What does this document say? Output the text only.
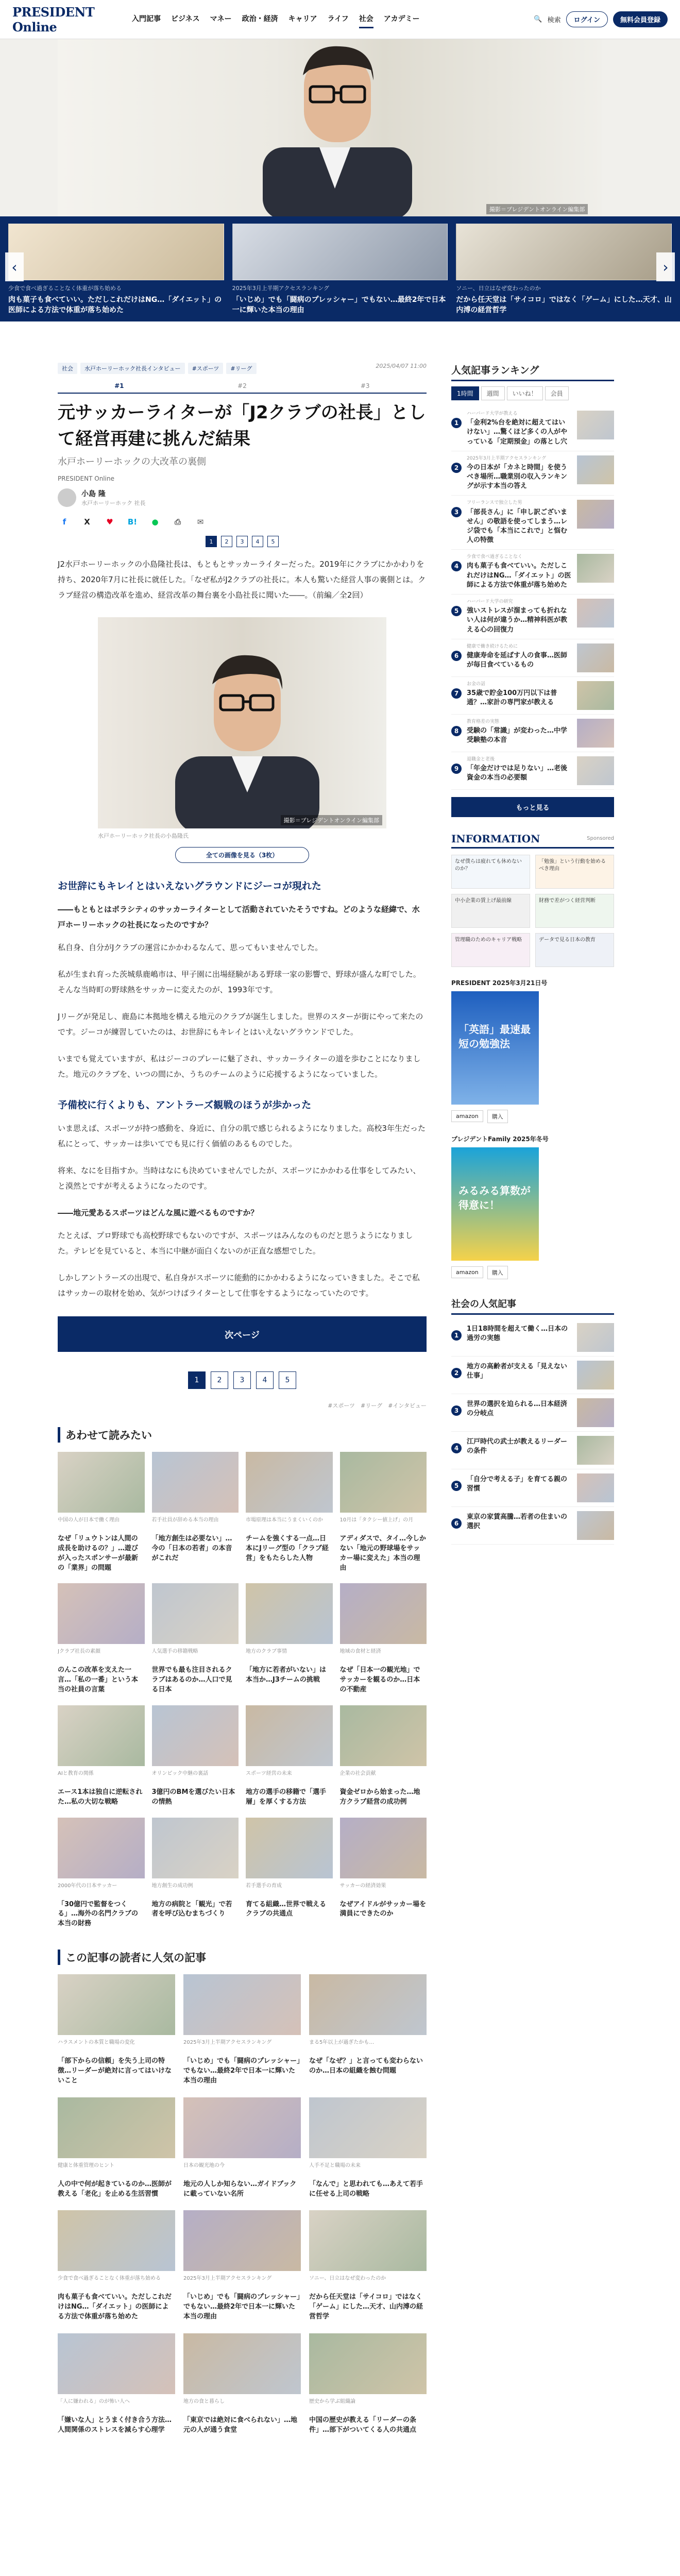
PRESIDENT Online
入門記事 ビジネス マネー 政治・経済 キャリア ライフ 社会 アカデミー	🔍 検索	ログイン	無料会員登録
撮影＝プレジデントオンライン編集部
‹
少食で食べ過ぎることなく体重が落ち始める
肉も菓子も食べていい。ただしこれだけはNG…「ダイエット」の医師による方法で体重が落ち始めた
2025年3月上半期アクセスランキング
「いじめ」でも「闘病のプレッシャー」でもない…最終2年で日本一に輝いた本当の理由
ソニー、日立はなぜ変わったのか
だから任天堂は「サイコロ」ではなく「ゲーム」にした…天才、山内溥の経営哲学
›
社会	水戸ホーリーホック社長インタビュー	#スポーツ	#リーグ	2025/04/07 11:00
#1	#2	#3
元サッカーライターが「J2クラブの社長」として経営再建に挑んだ結果
水戸ホーリーホックの大改革の裏側
PRESIDENT Online
小島 隆
水戸ホーリーホック 社長
f	X	♥	B!	●	⎙	✉
1	2	3	4	5

J2水戸ホーリーホックの小島隆社長は、もともとサッカーライターだった。2019年にクラブにかかわりを持ち、2020年7月に社長に就任した。「なぜ私がJ2クラブの社長に。本人も驚いた経営人事の裏側とは。クラブ経営の構造改革を進め、経営改革の舞台裏を小島社長に聞いた――。（前編／全2回）

撮影＝プレジデントオンライン編集部
水戸ホーリーホック社長の小島隆氏
全ての画像を見る（3枚）
お世辞にもキレイとはいえないグラウンドにジーコが現れた

――もともとはポラシティのサッカーライターとして活動されていたそうですね。どのような経緯で、水戸ホーリーホックの社長になったのですか？

私自身、自分がJクラブの運営にかかわるなんて、思ってもいませんでした。

私が生まれ育った茨城県鹿嶋市は、甲子園に出場経験がある野球一家の影響で、野球が盛んな町でした。そんな当時町の野球熱をサッカーに変えたのが、1993年です。

Jリーグが発足し、鹿島に本拠地を構える地元のクラブが誕生しました。世界のスターが街にやって来たのです。ジーコが練習していたのは、お世辞にもキレイとはいえないグラウンドでした。

いまでも覚えていますが、私はジーコのプレーに魅了され、サッカーライターの道を歩むことになりました。地元のクラブを、いつの間にか、うちのチームのように応援するようになっていました。

予備校に行くよりも、アントラーズ観戦のほうが歩かった

いま思えば、スポーツが持つ感動を、身近に、自分の肌で感じられるようになりました。高校3年生だった私にとって、サッカーは歩いてでも見に行く価値のあるものでした。

将来、なにを目指すか。当時はなにも決めていませんでしたが、スポーツにかかわる仕事をしてみたい、と漠然とですが考えるようになったのです。

――地元愛あるスポーツはどんな風に遊べるものですか？

たとえば、プロ野球でも高校野球でもないのですが、スポーツはみんなのものだと思うようになりました。テレビを見ていると、本当に中継が面白くないのが正直な感想でした。

しかしアントラーズの出現で、私自身がスポーツに能動的にかかわるようになっていきました。そこで私はサッカーの取材を始め、気がつけばライターとして仕事をするようになっていたのです。

次ページ
1	2	3	4	5
#スポーツ　#リーグ　#インタビュー
あわせて読みたい
中国の人が日本で働く理由
なぜ「リュウトンは人間の成長を助けるの？」…遊びが入ったスポンサーが最新の「業界」の問題
若手社員が辞める本当の理由
「地方創生は必要ない」…今の「日本の若者」の本音がこれだ
市場原理は本当にうまくいくのか
チームを強くする一点…日本にJリーグ型の「クラブ経営」をもたらした人物
10月は「タクシー値上げ」の月
アディダスで、タイ…今しかない「地元の野球場をサッカー場に変えた」本当の理由
Jクラブ社長の素顔
のんこの改革を支えた一言…「私の一番」という本当の社員の言葉
人気選手の移籍戦略
世界でも最も注目されるクラブはあるのか…人口で見る日本
地方のクラブ事情
「地方に若者がいない」は本当か…J3チームの挑戦
地域の食材と経済
なぜ「日本一の観光地」でサッカーを観るのか…日本の不動産
AIと教育の関係
エース1本は独自に逆転された…私の大切な戦略
オリンピック中継の裏話
3億円のBMを選びたい日本の情熱
スポーツ経営の未来
地方の選手の移籍で「選手層」を厚くする方法
企業の社会貢献
資金ゼロから始まった…地方クラブ経営の成功例
2000年代の日本サッカー
「30億円で監督をつくる」…海外の名門クラブの本当の財務
地方創生の成功例
地方の病院と「観光」で若者を呼び込むまちづくり
若手選手の育成
育てる組織…世界で戦えるクラブの共通点
サッカーの経済効果
なぜアイドルがサッカー場を満員にできたのか
この記事の読者に人気の記事
ハラスメントの本質と職場の変化
「部下からの信頼」を失う上司の特徴…リーダーが絶対に言ってはいけないこと
2025年3月上半期アクセスランキング
「いじめ」でも「闘病のプレッシャー」でもない…最終2年で日本一に輝いた本当の理由
まる5年以上が過ぎたかも…
なぜ「なぜ？」と言っても変わらないのか…日本の組織を蝕む問題
健康と体重管理のヒント
人の中で何が起きているのか…医師が教える「老化」を止める生活習慣
日本の観光地の今
地元の人しか知らない…ガイドブックに載っていない名所
人手不足と職場の未来
「なんで」と思われても…あえて若手に任せる上司の戦略
少食で食べ過ぎることなく体重が落ち始める
肉も菓子も食べていい。ただしこれだけはNG…「ダイエット」の医師による方法で体重が落ち始めた
2025年3月上半期アクセスランキング
「いじめ」でも「闘病のプレッシャー」でもない…最終2年で日本一に輝いた本当の理由
ソニー、日立はなぜ変わったのか
だから任天堂は「サイコロ」ではなく「ゲーム」にした…天才、山内溥の経営哲学
「人に嫌われる」のが怖い人へ
「嫌いな人」とうまく付き合う方法…人間関係のストレスを減らす心理学
地方の食と暮らし
「東京では絶対に食べられない」…地元の人が通う食堂
歴史から学ぶ組織論
中国の歴史が教える「リーダーの条件」…部下がついてくる人の共通点
人気記事ランキング
1時間	週間	いいね！	会員
1
ハーバード大学が教える
「金利2%台を絶対に超えてはいけない」…驚くほど多くの人がやっている「定期預金」の落とし穴
2
2025年3月上半期アクセスランキング
今の日本が「カネと時間」を使うべき場所…職業別の収入ランキングが示す本当の答え
3
フリーランスで独立した男
「部長さん」に「申し訳ございません」の敬語を使ってしまう…レジ袋でも「本当にこれで」と悩む人の特徴
4
少食で食べ過ぎることなく
肉も菓子も食べていい。ただしこれだけはNG…「ダイエット」の医師による方法で体重が落ち始めた
5
ハーバード大学の研究
強いストレスが溜まっても折れない人は何が違うか…精神科医が教える心の回復力
6
健康で働き続けるために
健康寿命を延ばす人の食事…医師が毎日食べているもの
7
お金の話
35歳で貯金100万円以下は普通？…家計の専門家が教える
8
教育格差の実態
受験の「常識」が変わった…中学受験塾の本音
9
退職金と老後
「年金だけでは足りない」…老後資金の本当の必要額
もっと見る
INFORMATION	Sponsored
なぜ僕らは疲れても休めないのか？
「勉強」という行動を始めるべき理由
中小企業の賃上げ最前線	財務で差がつく経営判断
管理職のためのキャリア戦略	データで見る日本の教育
PRESIDENT 2025年3月21日号
「英語」最速最短の勉強法
amazon	購入
プレジデントFamily 2025年冬号
みるみる算数が得意に！
amazon	購入
社会の人気記事
1
1日18時間を超えて働く…日本の過労の実態
2
地方の高齢者が支える「見えない仕事」
3
世界の選択を迫られる…日本経済の分岐点
4
江戸時代の武士が教えるリーダーの条件
5
「自分で考える子」を育てる親の習慣
6
東京の家賃高騰…若者の住まいの選択
